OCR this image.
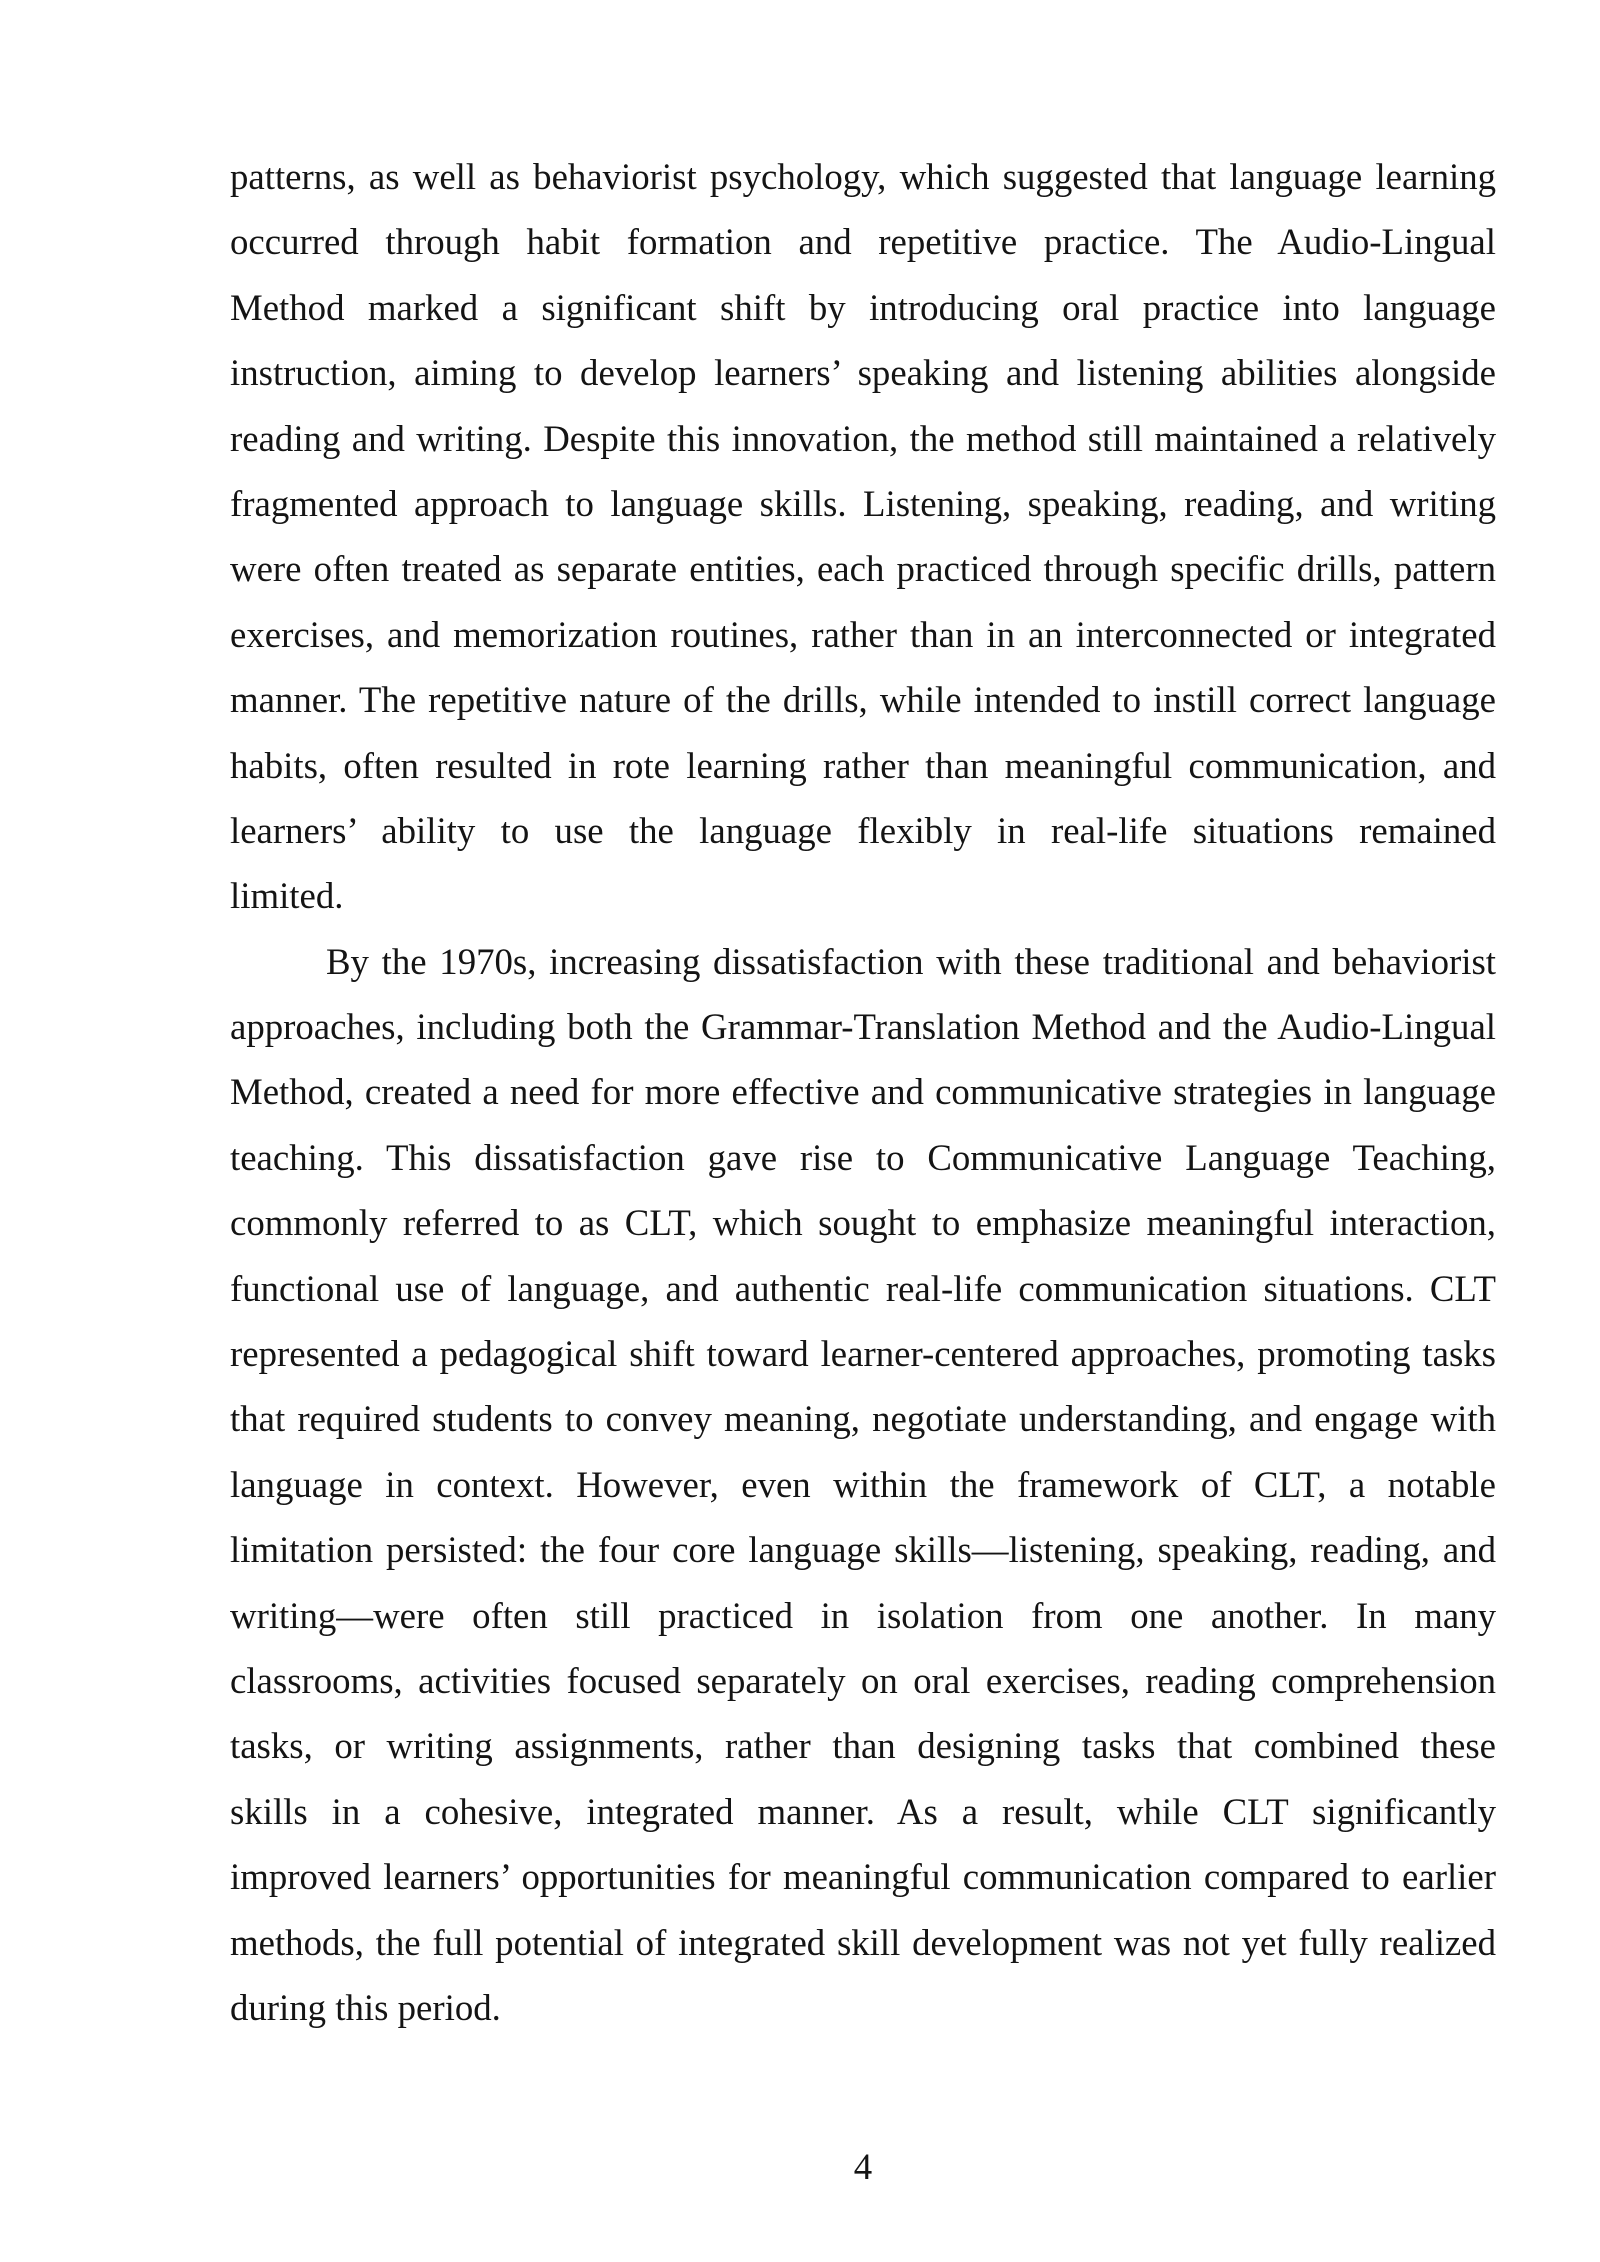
patterns, as well as behaviorist psychology, which suggested that language learning
occurred through habit formation and repetitive practice. The Audio-Lingual
Method marked a significant shift by introducing oral practice into language
instruction, aiming to develop learners’ speaking and listening abilities alongside
reading and writing. Despite this innovation, the method still maintained a relatively
fragmented approach to language skills. Listening, speaking, reading, and writing
were often treated as separate entities, each practiced through specific drills, pattern
exercises, and memorization routines, rather than in an interconnected or integrated
manner. The repetitive nature of the drills, while intended to instill correct language
habits, often resulted in rote learning rather than meaningful communication, and
learners’ ability to use the language flexibly in real-life situations remained
limited.
By the 1970s, increasing dissatisfaction with these traditional and behaviorist
approaches, including both the Grammar-Translation Method and the Audio-Lingual
Method, created a need for more effective and communicative strategies in language
teaching. This dissatisfaction gave rise to Communicative Language Teaching,
commonly referred to as CLT, which sought to emphasize meaningful interaction,
functional use of language, and authentic real-life communication situations. CLT
represented a pedagogical shift toward learner-centered approaches, promoting tasks
that required students to convey meaning, negotiate understanding, and engage with
language in context. However, even within the framework of CLT, a notable
limitation persisted: the four core language skills—listening, speaking, reading, and
writing—were often still practiced in isolation from one another. In many
classrooms, activities focused separately on oral exercises, reading comprehension
tasks, or writing assignments, rather than designing tasks that combined these
skills in a cohesive, integrated manner. As a result, while CLT significantly
improved learners’ opportunities for meaningful communication compared to earlier
methods, the full potential of integrated skill development was not yet fully realized
during this period.
4
